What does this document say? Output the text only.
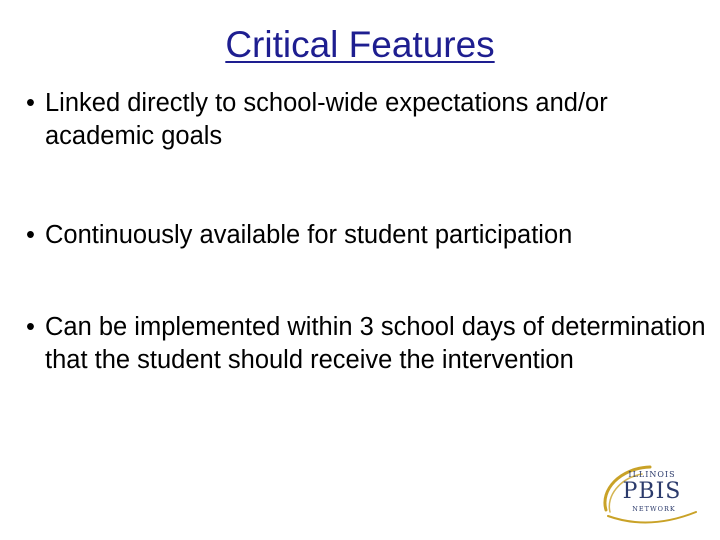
Critical Features
• Linked directly to school-wide expectations and/or academic goals
• Continuously available for student participation
• Can be implemented within 3 school days of determination that the student should receive the intervention
ILLINOIS
PBIS
NETWORK
